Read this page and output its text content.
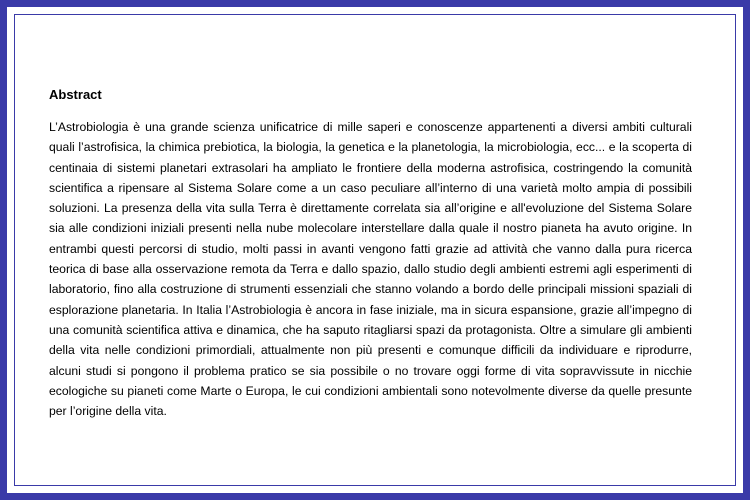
Abstract

L’Astrobiologia è una grande scienza unificatrice di mille saperi e conoscenze appartenenti a diversi ambiti culturali quali l’astrofisica, la chimica prebiotica, la biologia, la genetica e la planetologia, la microbiologia, ecc... e la scoperta di centinaia di sistemi planetari extrasolari ha ampliato le frontiere della moderna astrofisica, costringendo la comunità scientifica a ripensare al Sistema Solare come a un caso peculiare all’interno di una varietà molto ampia di possibili soluzioni. La presenza della vita sulla Terra è direttamente correlata sia all’origine e all'evoluzione del Sistema Solare sia alle condizioni iniziali presenti nella nube molecolare interstellare dalla quale il nostro pianeta ha avuto origine. In entrambi questi percorsi di studio, molti passi in avanti vengono fatti grazie ad attività che vanno dalla pura ricerca teorica di base alla osservazione remota da Terra e dallo spazio, dallo studio degli ambienti estremi agli esperimenti di laboratorio, fino alla costruzione di strumenti essenziali che stanno volando a bordo delle principali missioni spaziali di esplorazione planetaria. In Italia l’Astrobiologia è ancora in fase iniziale, ma in sicura espansione, grazie all’impegno di una comunità scientifica attiva e dinamica, che ha saputo ritagliarsi spazi da protagonista. Oltre a simulare gli ambienti della vita nelle condizioni primordiali, attualmente non più presenti e comunque difficili da individuare e riprodurre, alcuni studi si pongono il problema pratico se sia possibile o no trovare oggi forme di vita sopravvissute in nicchie ecologiche su pianeti come Marte o Europa, le cui condizioni ambientali sono notevolmente diverse da quelle presunte per l’origine della vita.
